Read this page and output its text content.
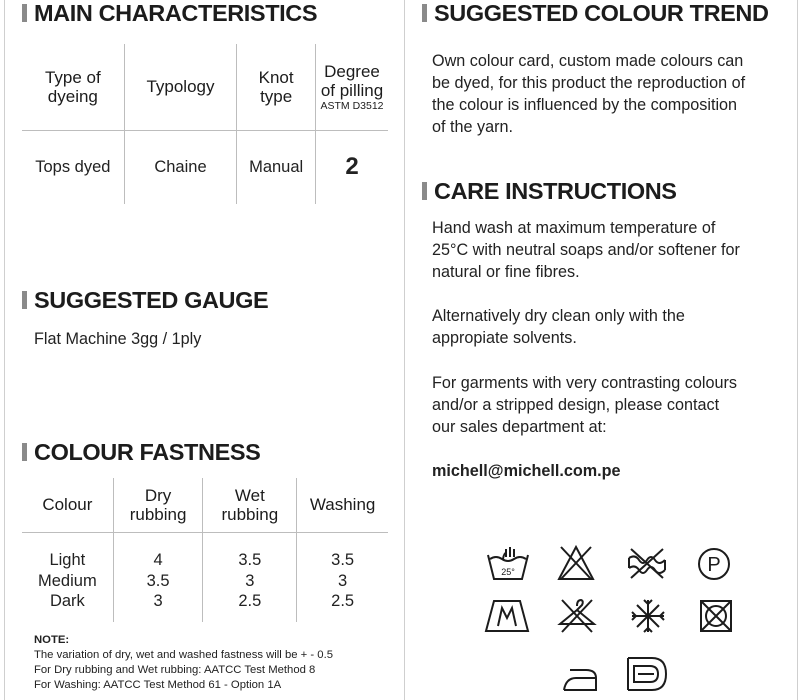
MAIN CHARACTERISTICS
Type of dyeing	Typology	Knot type	Degree of pilling
ASTM D3512

Tops dyed	Chaine	Manual	2
SUGGESTED GAUGE
Flat Machine 3gg / 1ply
COLOUR FASTNESS
Colour	Dry rubbing	Wet rubbing	Washing
Light	4	3.5	3.5
Medium	3.5	3	3
Dark	3	2.5	2.5
NOTE:
The variation of dry, wet and washed fastness will be + - 0.5
For Dry rubbing and Wet rubbing: AATCC Test Method 8
For Washing: AATCC Test Method 61 - Option 1A
SUGGESTED COLOUR TREND
Own colour card, custom made colours can
be dyed, for this product the reproduction of
the colour is influenced by the composition
of the yarn.
CARE INSTRUCTIONS
Hand wash at maximum temperature of
25°C with neutral soaps and/or softener for
natural or fine fibres.
Alternatively dry clean only with the
appropiate solvents.
For garments with very contrasting colours
and/or a stripped design, please contact
our sales department at:
michell@michell.com.pe
25°	P
